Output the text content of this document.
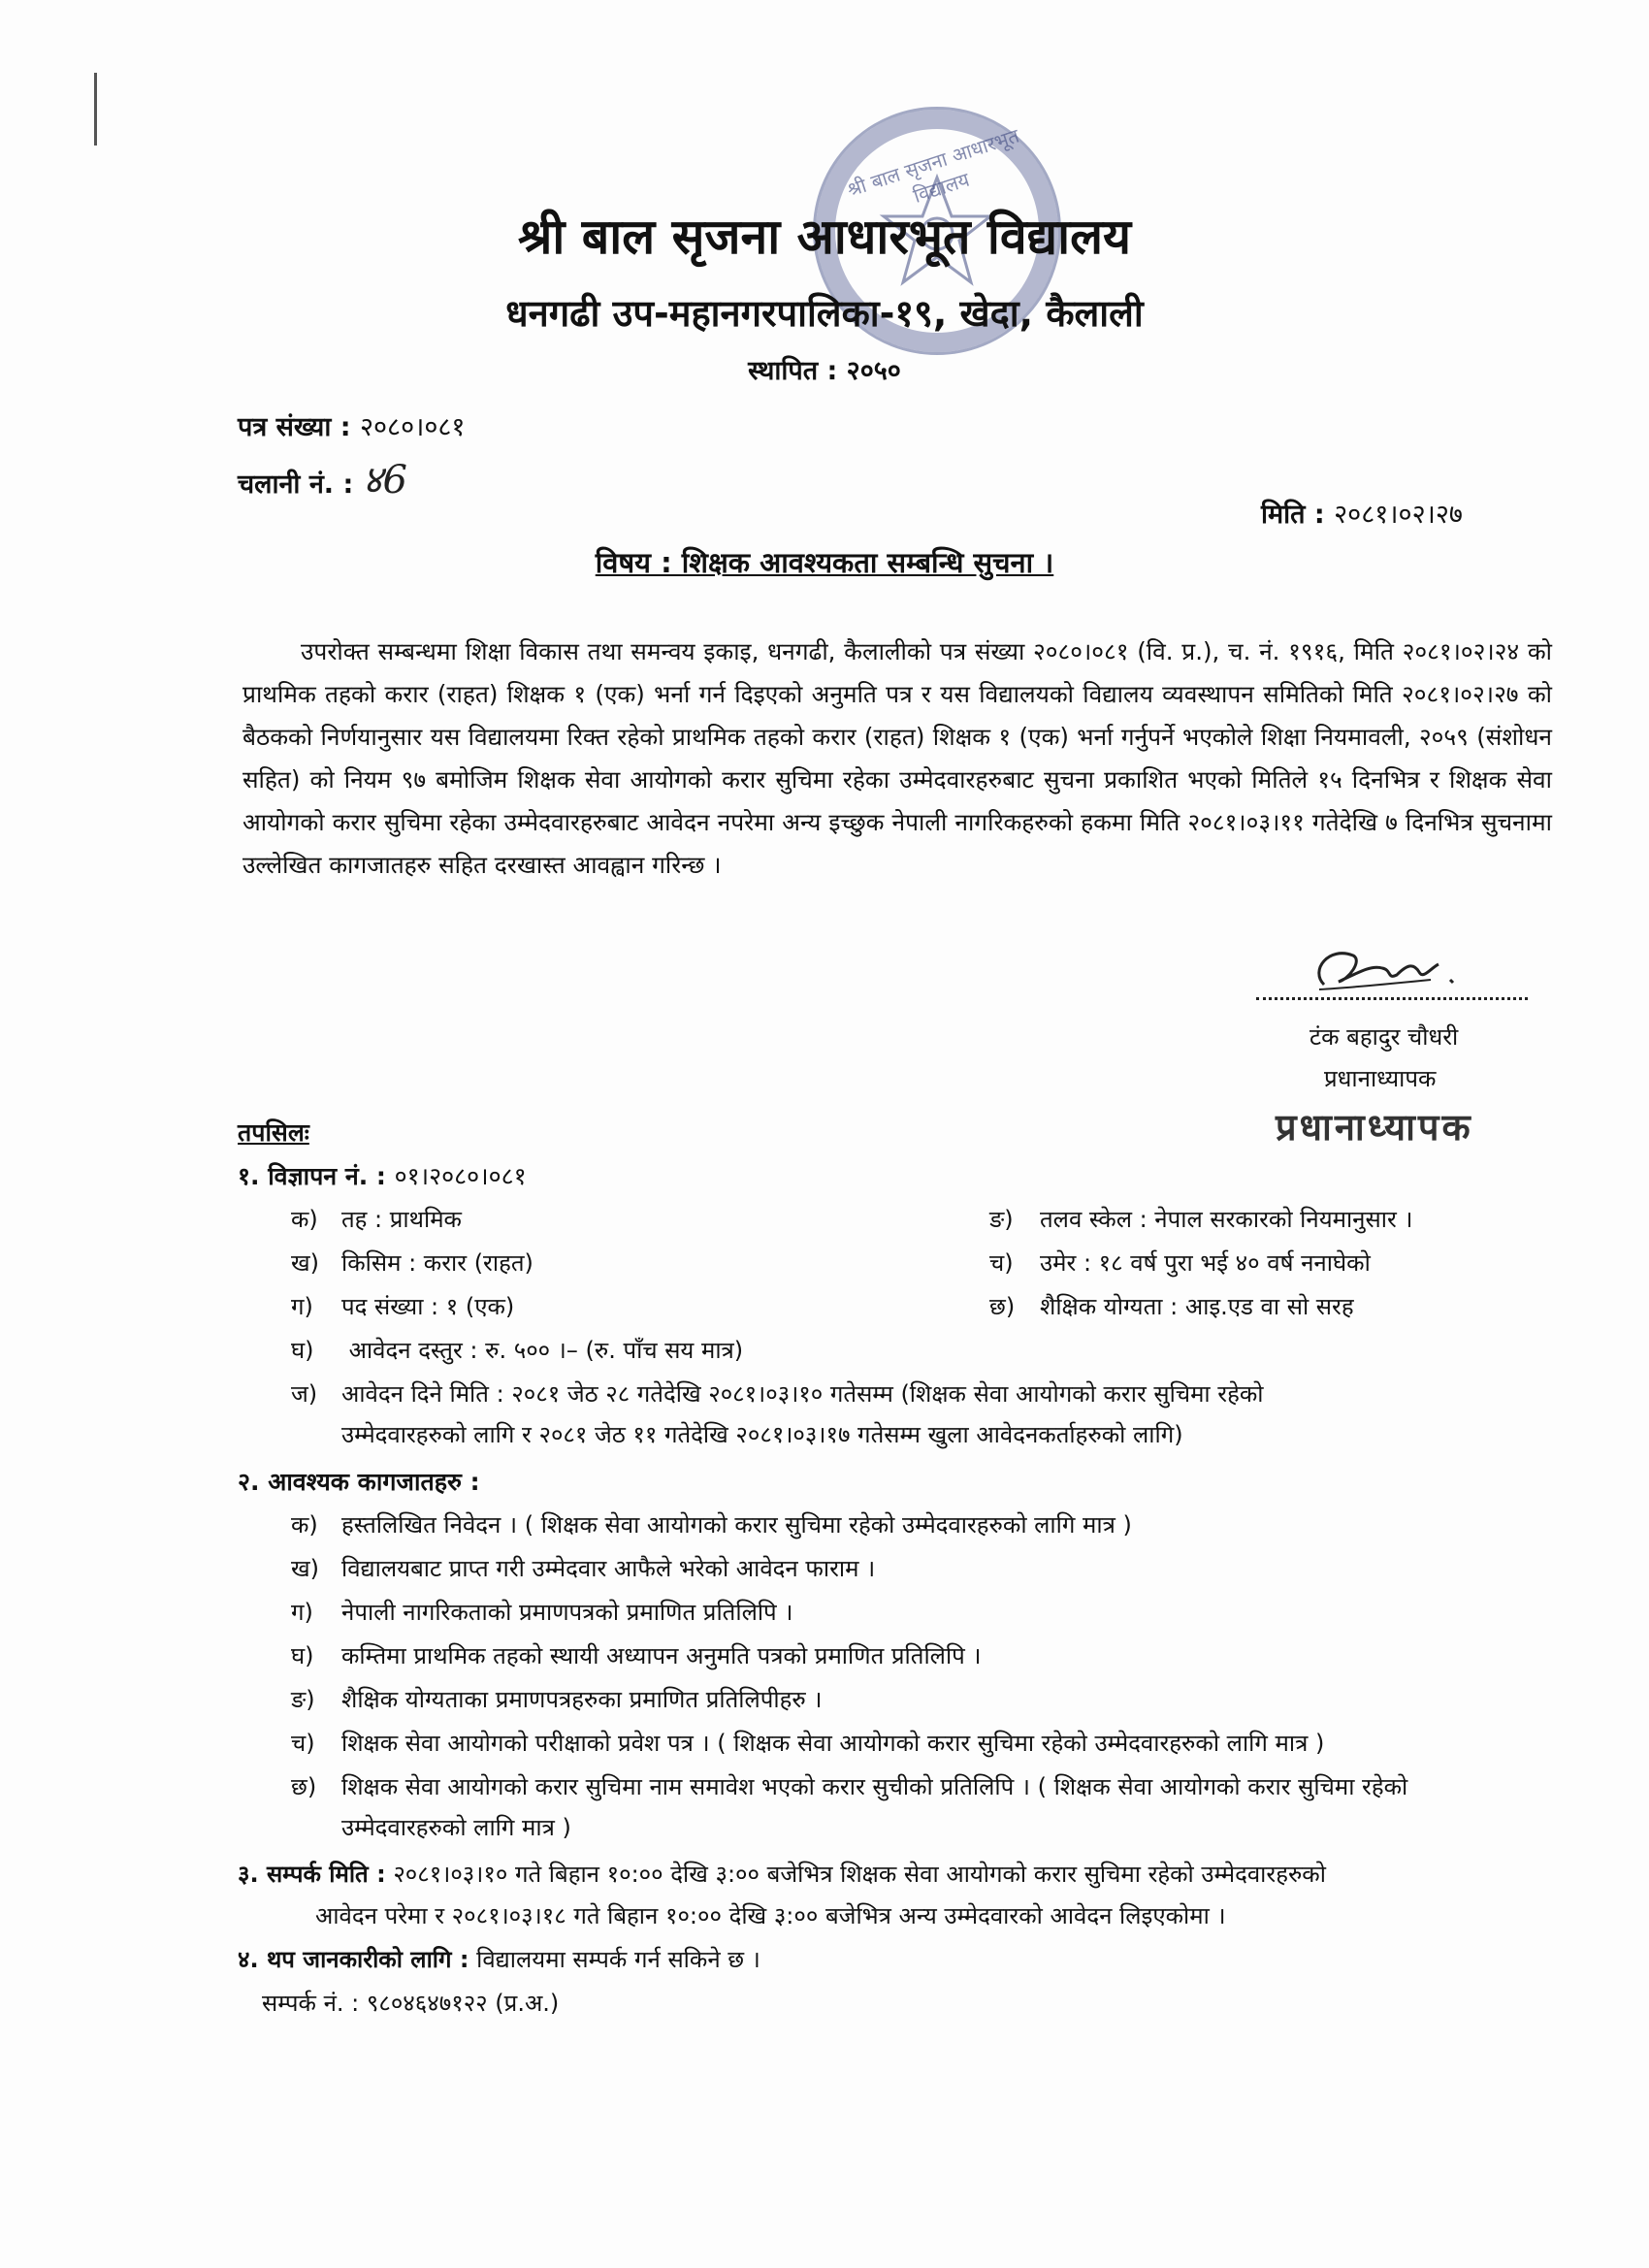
श्री बाल सृजना आधारभूत विद्यालय
श्री बाल सृजना आधारभूत विद्यालय
धनगढी उप-महानगरपालिका-१९, खेदा, कैलाली
स्थापित : २०५०
पत्र संख्या : २०८०।०८१
चलानी नं. : ४6
मिति : २०८१।०२।२७
विषय : शिक्षक आवश्यकता सम्बन्धि सुचना ।
उपरोक्त सम्बन्धमा शिक्षा विकास तथा समन्वय इकाइ, धनगढी, कैलालीको पत्र संख्या २०८०।०८१ (वि. प्र.), च. नं. १९१६, मिति २०८१।०२।२४ को प्राथमिक तहको करार (राहत) शिक्षक १ (एक) भर्ना गर्न दिइएको अनुमति पत्र र यस विद्यालयको विद्यालय व्यवस्थापन समितिको मिति २०८१।०२।२७ को बैठकको निर्णयानुसार यस विद्यालयमा रिक्त रहेको प्राथमिक तहको करार (राहत) शिक्षक १ (एक) भर्ना गर्नुपर्ने भएकोले शिक्षा नियमावली, २०५९ (संशोधन सहित) को नियम ९७ बमोजिम शिक्षक सेवा आयोगको करार सुचिमा रहेका उम्मेदवारहरुबाट सुचना प्रकाशित भएको मितिले १५ दिनभित्र र शिक्षक सेवा आयोगको करार सुचिमा रहेका उम्मेदवारहरुबाट आवेदन नपरेमा अन्य इच्छुक नेपाली नागरिकहरुको हकमा मिति २०८१।०३।११ गतेदेखि ७ दिनभित्र सुचनामा उल्लेखित कागजातहरु सहित दरखास्त आवह्वान गरिन्छ ।
टंक बहादुर चौधरी
प्रधानाध्यापक
प्रधानाध्यापक
तपसिलः
१. विज्ञापन नं. : ०१।२०८०।०८१
क) तह : प्राथमिक
ख) किसिम : करार (राहत)
ग) पद संख्या : १ (एक)
घ) आवेदन दस्तुर : रु. ५०० ।– (रु. पाँच सय मात्र)
ङ) तलव स्केल : नेपाल सरकारको नियमानुसार ।
च) उमेर : १८ वर्ष पुरा भई ४० वर्ष ननाघेको
छ) शैक्षिक योग्यता : आइ.एड वा सो सरह
ज) आवेदन दिने मिति : २०८१ जेठ २८ गतेदेखि २०८१।०३।१० गतेसम्म (शिक्षक सेवा आयोगको करार सुचिमा रहेको
उम्मेदवारहरुको लागि र २०८१ जेठ ११ गतेदेखि २०८१।०३।१७ गतेसम्म खुला आवेदनकर्ताहरुको लागि)
२. आवश्यक कागजातहरु :
क) हस्तलिखित निवेदन । ( शिक्षक सेवा आयोगको करार सुचिमा रहेको उम्मेदवारहरुको लागि मात्र )
ख) विद्यालयबाट प्राप्त गरी उम्मेदवार आफैले भरेको आवेदन फाराम ।
ग) नेपाली नागरिकताको प्रमाणपत्रको प्रमाणित प्रतिलिपि ।
घ) कम्तिमा प्राथमिक तहको स्थायी अध्यापन अनुमति पत्रको प्रमाणित प्रतिलिपि ।
ङ) शैक्षिक योग्यताका प्रमाणपत्रहरुका प्रमाणित प्रतिलिपीहरु ।
च) शिक्षक सेवा आयोगको परीक्षाको प्रवेश पत्र । ( शिक्षक सेवा आयोगको करार सुचिमा रहेको उम्मेदवारहरुको लागि मात्र )
छ) शिक्षक सेवा आयोगको करार सुचिमा नाम समावेश भएको करार सुचीको प्रतिलिपि । ( शिक्षक सेवा आयोगको करार सुचिमा रहेको
उम्मेदवारहरुको लागि मात्र )
३. सम्पर्क मिति : २०८१।०३।१० गते बिहान १०:०० देखि ३:०० बजेभित्र शिक्षक सेवा आयोगको करार सुचिमा रहेको उम्मेदवारहरुको
आवेदन परेमा र २०८१।०३।१८ गते बिहान १०:०० देखि ३:०० बजेभित्र अन्य उम्मेदवारको आवेदन लिइएकोमा ।
४. थप जानकारीको लागि : विद्यालयमा सम्पर्क गर्न सकिने छ ।
सम्पर्क नं. : ९८०४६४७१२२ (प्र.अ.)
